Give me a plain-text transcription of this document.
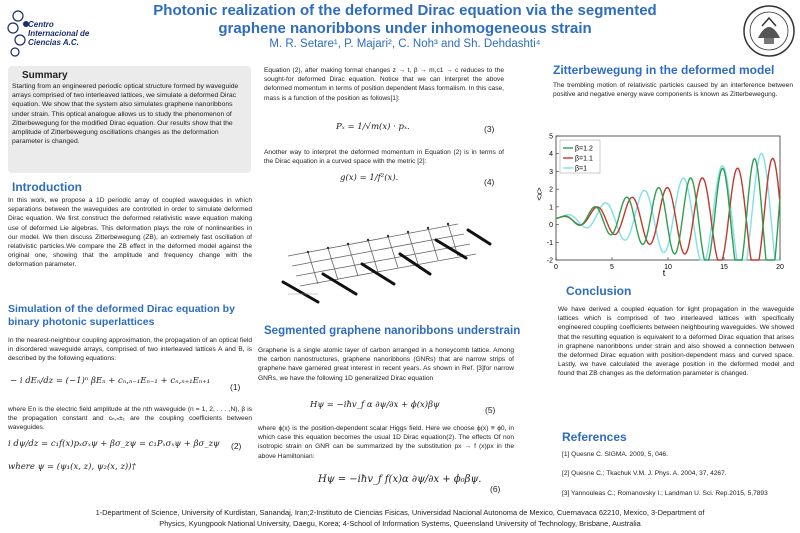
Centro
Internacional de
Ciencias A.C.
Photonic realization of the deformed Dirac equation via the segmented
graphene nanoribbons under inhomogeneous strain
M. R. Setare¹, P. Majari², C. Noh³ and Sh. Dehdashti⁴
Summary
Starting from an engineered periodic optical structure formed by waveguide arrays comprised of two interleaved lattices, we simulate a deformed Dirac equation. We show that the system also simulates graphene nanoribbons under strain. This optical analogue allows us to study the phenomenon of Zitterbewegung for the modified Dirac equation. Our results show that the amplitude of Zitterbewegung oscillations changes as the deformation parameter is changed.
Introduction
In this work, we propose a 1D periodic array of coupled waveguides in which separations between the waveguides are controlled in order to simulate deformed Dirac equation. We first construct the deformed relativistic wave equation making use of deformed Lie algebras. This deformation plays the role of nonlinearities in our model. We then discuss Zitterbewegung (ZB), an extremely fast oscillation of relativistic particles.We compare the ZB effect in the deformed model against the original one, showing that the amplitude and frequency change with the deformation parameter.
Simulation of the deformed Dirac equation by binary photonic superlattices
In the nearest-neighbour coupling approximation, the propagation of an optical field in disordered waveguide arrays, comprised of two interleaved lattices A and B, is described by the following equations:
− i dEₙ/dz = (−1)ⁿ βEₙ + cₙ,ₙ₋₁Eₙ₋₁ + cₙ,ₙ₊₁Eₙ₊₁
(1)
where En is the electric field amplitude at the nth waveguide (n = 1, 2, . . . ,N), β is the propagation constant and cₙ,ₙ±₁ are the coupling coefficients between waveguides.
i dψ/dz = c₁f(x)pₓσₓψ + βσ_zψ = c₁Pₓσₓψ + βσ_zψ (2)
where ψ = (ψ₁(x, z), ψ₂(x, z))†
Equation (2), after making formal changes z → t, β → m,c1 → c reduces to the sought-for deformed Dirac equation. Notice that we can Interpret the above deformed momentum in terms of position dependent Mass formalism. In this case, mass is a function of the position as follows[1]:
Pₓ = 1/√m(x) · pₓ.	(3)
Another way to interpret the deformed momentum in Equation (2) is in terms of the Dirac equation in a curved space with the metric [2]:
g(x) = 1/f²(x).	(4)
Segmented graphene nanoribbons understrain
Graphene is a single atomic layer of carbon arranged in a honeycomb lattice. Among the carbon nanostructures, graphene nanoribbons (GNRs) that are narrow strips of graphene have garnered great interest in recent years. As shown in Ref. [3]for narrow GNRs, we have the following 1D generalized Dirac equation
Hψ = −iħv_f α ∂ψ/∂x + ϕ(x)βψ	(5)
where ϕ(x) is the position-dependent scalar Higgs field. Here we choose ϕ(x) ≡ ϕ0, in which case this equation becomes the usual 1D Dirac equation(2). The effects Of non isotropic strain on GNR can be summarized by the substitution px → f (x)px in the above Hamiltonian:
Hψ = −iħv_f f(x)α ∂ψ/∂x + ϕ₀βψ.
(6)
Zitterbewegung in the deformed model
The trembling motion of relativistic particles caused by an interference between positive and negative energy wave components is known as Zitterbewegung.
0	5	10	15	20
-2
-1
0
1
2
3
4
5
β=1.2
β=1.1
β=1
t
<x>
Conclusion
We have derived a coupled equation for light propagation in the waveguide lattices which is comprised of two interleaved lattices with specifically engineered coupling coefficients between neighbouring waveguides. We showed that the resulting equation is equivalent to a deformed Dirac equation that arises in graphene nanoribbons under strain and also showed a connection between the deformed Dirac equation with position-dependent mass and curved space. Lastly, we have calculated the average position in the deformed model and found that ZB changes as the deformation parameter is changed.
References
[1] Quesne C. SIGMA. 2009, 5, 046.
[2] Quesne C.; Tkachuk V.M. J. Phys. A. 2004, 37, 4267.
[3] Yannouleas C.; Romanovsky I.; Landman U. Sci. Rep.2015, 5,7893
1-Department of Science, University of Kurdistan, Sanandaj, Iran;2-Instituto de Ciencias Fisicas, Universidad Nacional Autonoma de Mexico, Cuernavaca 62210, Mexico, 3-Department of
Physics, Kyungpook National University, Daegu, Korea; 4-School of Information Systems, Queensland University of Technology, Brisbane, Australia
